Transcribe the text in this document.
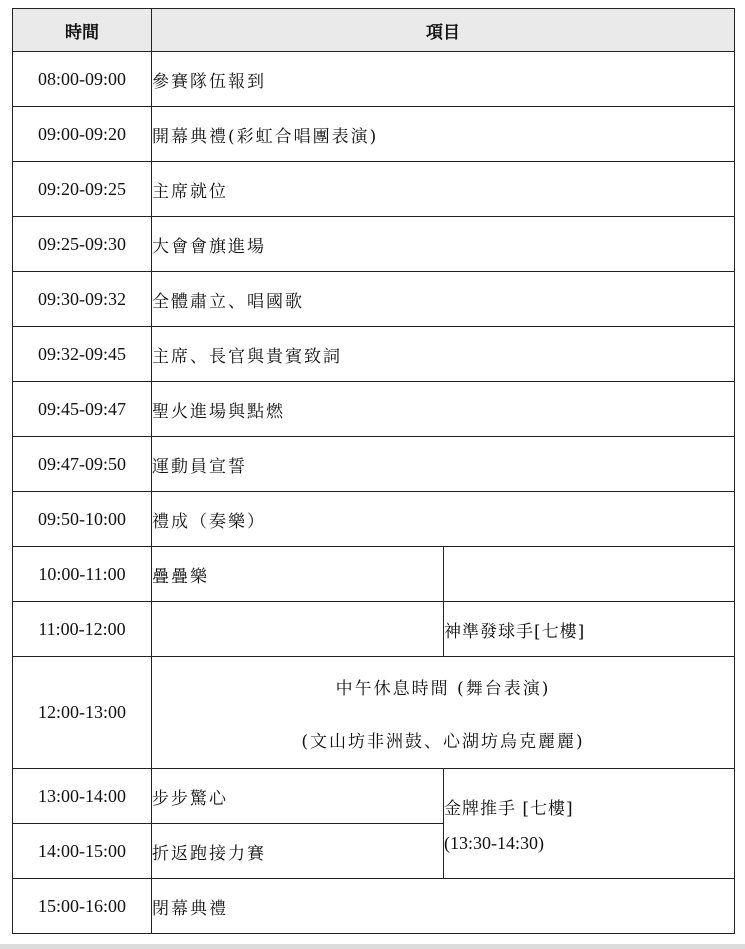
時間	項目	
08:00-09:00	參賽隊伍報到	
09:00-09:20	開幕典禮(彩虹合唱團表演)	
09:20-09:25	主席就位	
09:25-09:30	大會會旗進場	
09:30-09:32	全體肅立、唱國歌	
09:32-09:45	主席、長官與貴賓致詞	
09:45-09:47	聖火進場與點燃	
09:47-09:50	運動員宣誓	
09:50-10:00	禮成（奏樂）	
10:00-11:00	疊疊樂	
11:00-12:00		神準發球手[七樓]
12:00-13:00	中午休息時間 (舞台表演)
(文山坊非洲鼓、心湖坊烏克麗麗)	

13:00-14:00	步步驚心	金牌推手 [七樓]
(13:30-14:30)

14:00-15:00	折返跑接力賽	
15:00-16:00	閉幕典禮	
